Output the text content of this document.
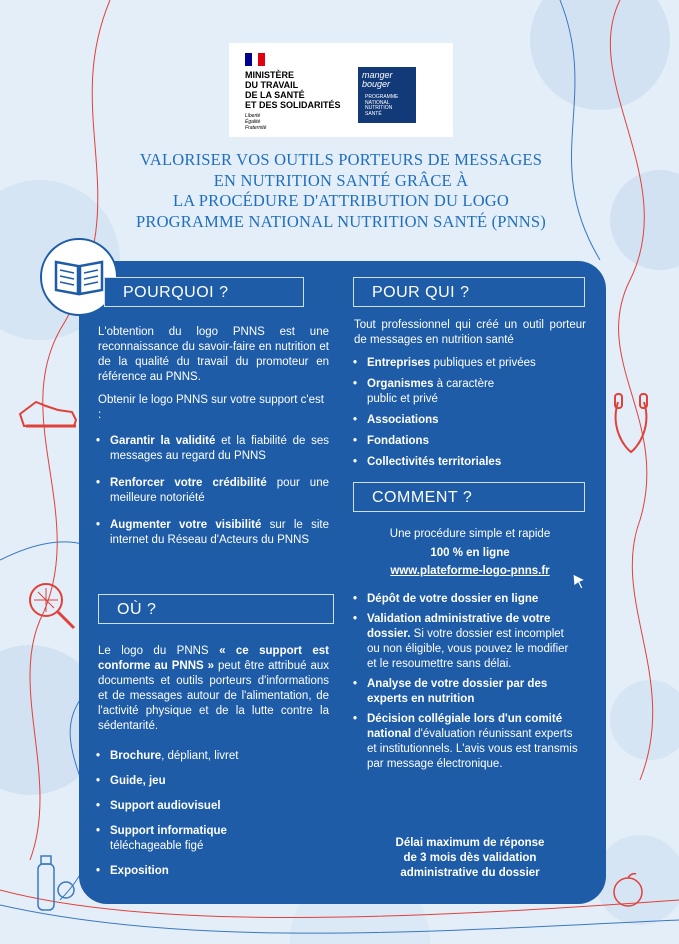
MINISTÈRE
DU TRAVAIL
DE LA SANTÉ
ET DES SOLIDARITÉS
Liberté
Égalité
Fraternité
manger
bouger
PROGRAMME
NATIONAL
NUTRITION
SANTÉ
VALORISER VOS OUTILS PORTEURS DE MESSAGES
EN NUTRITION SANTÉ GRÂCE À
LA PROCÉDURE D'ATTRIBUTION DU LOGO
PROGRAMME NATIONAL NUTRITION SANTÉ (PNNS)
POURQUOI ?

L'obtention du logo PNNS est une reconnaissance du savoir-faire en nutrition et de la qualité du travail du promoteur en référence au PNNS.

Obtenir le logo PNNS sur votre support c'est :

• Garantir la validité et la fiabilité de ses messages au regard du PNNS
• Renforcer votre crédibilité pour une meilleure notoriété
• Augmenter votre visibilité sur le site internet du Réseau d'Acteurs du PNNS
OÙ ?

Le logo du PNNS « ce support est conforme au PNNS » peut être attribué aux documents et outils porteurs d'informations et de messages autour de l'alimentation, de l'activité physique et de la lutte contre la sédentarité.

• Brochure, dépliant, livret
• Guide, jeu
• Support audiovisuel
• Support informatique téléchageable figé
• Exposition
POUR QUI ?

Tout professionnel qui créé un outil porteur de messages en nutrition santé

• Entreprises publiques et privées
• Organismes à caractère public et privé
• Associations
• Fondations
• Collectivités territoriales
COMMENT ?

Une procédure simple et rapide

100 % en ligne

www.plateforme-logo-pnns.fr
• Dépôt de votre dossier en ligne
• Validation administrative de votre dossier. Si votre dossier est incomplet ou non éligible, vous pouvez le modifier et le resoumettre sans délai.
• Analyse de votre dossier par des experts en nutrition
• Décision collégiale lors d'un comité national d'évaluation réunissant experts et institutionnels. L'avis vous est transmis par message électronique.
Délai maximum de réponse
de 3 mois dès validation
administrative du dossier
